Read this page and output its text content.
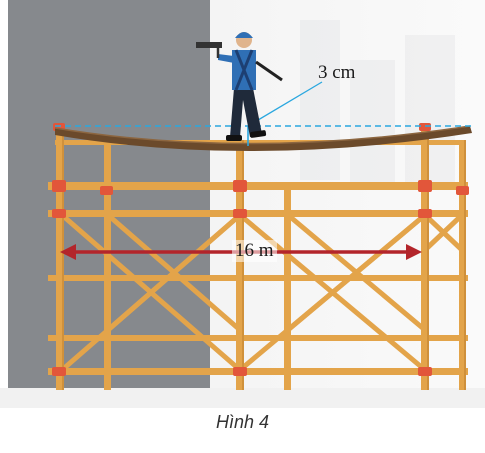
3 cm
16 m
Hình 4
